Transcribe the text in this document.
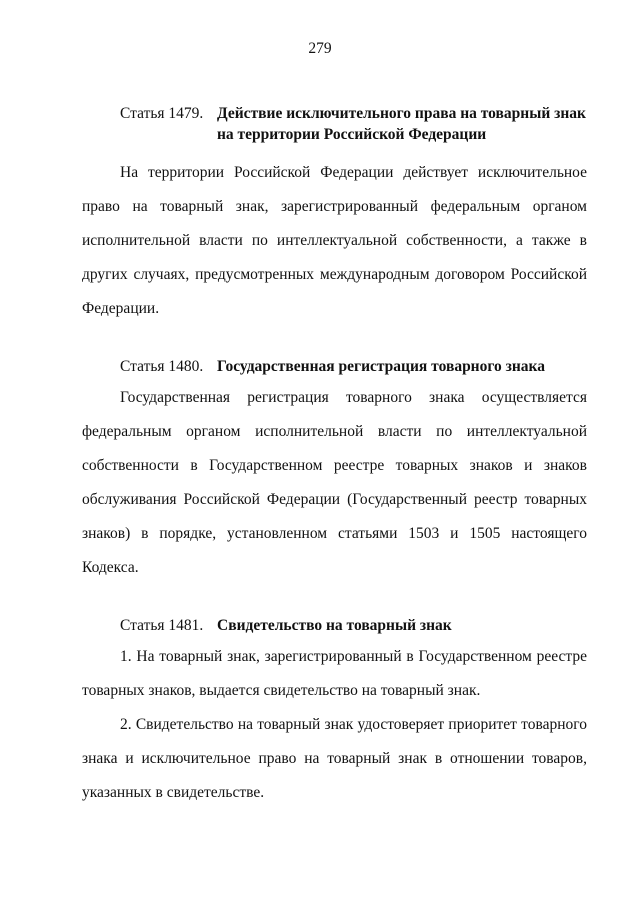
279
Статья 1479. Действие исключительного права на товарный знак на территории Российской Федерации

На территории Российской Федерации действует исключительное право на товарный знак, зарегистрированный федеральным органом исполнительной власти по интеллектуальной собственности, а также в других случаях, предусмотренных международным договором Российской Федерации.

Статья 1480. Государственная регистрация товарного знака

Государственная регистрация товарного знака осуществляется федеральным органом исполнительной власти по интеллектуальной собственности в Государственном реестре товарных знаков и знаков обслуживания Российской Федерации (Государственный реестр товарных знаков) в порядке, установленном статьями 1503 и 1505 настоящего Кодекса.

Статья 1481. Свидетельство на товарный знак

1. На товарный знак, зарегистрированный в Государственном реестре товарных знаков, выдается свидетельство на товарный знак.

2. Свидетельство на товарный знак удостоверяет приоритет товарного знака и исключительное право на товарный знак в отношении товаров, указанных в свидетельстве.
